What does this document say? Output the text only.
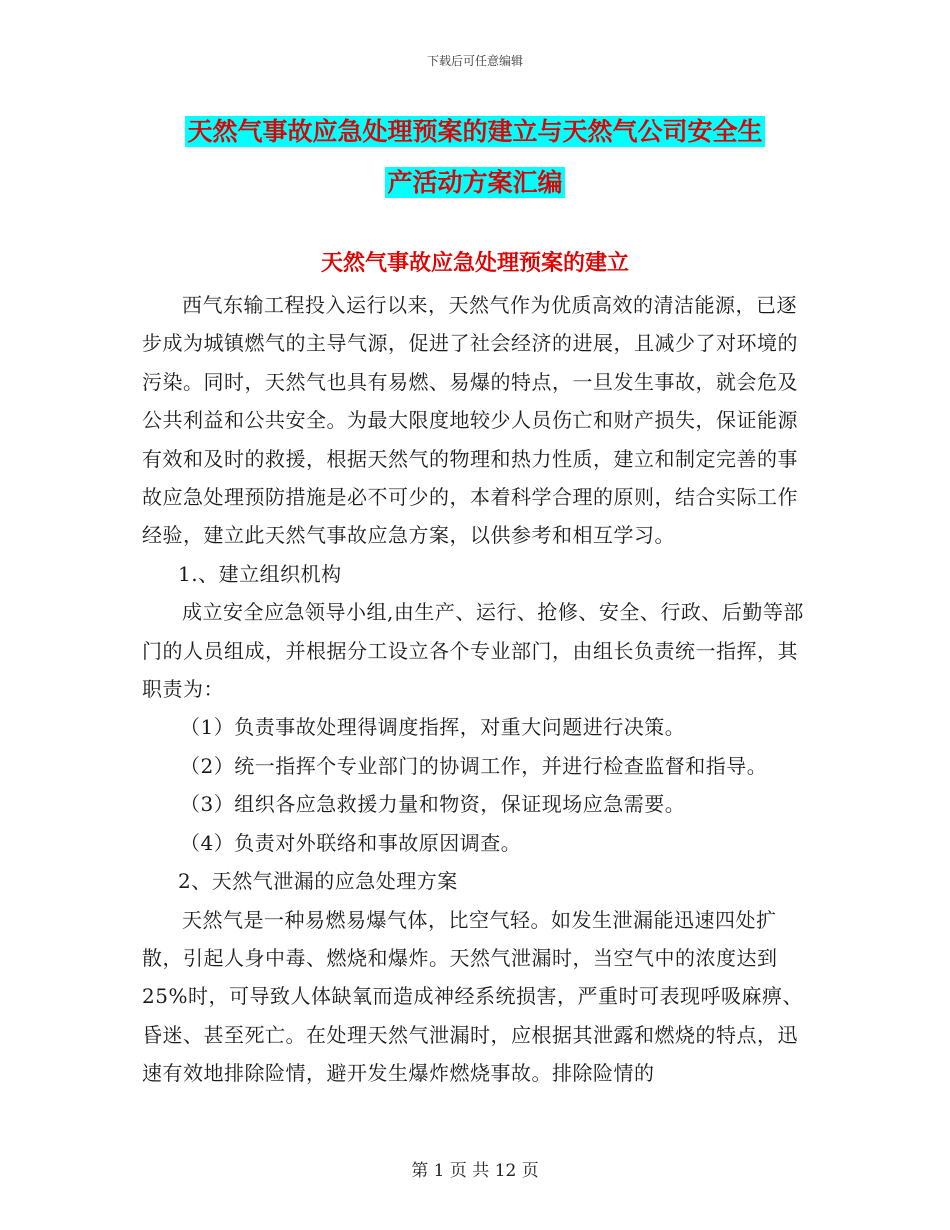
下载后可任意编辑
天然气事故应急处理预案的建立与天然气公司安全生
产活动方案汇编
天然气事故应急处理预案的建立

西气东输工程投入运行以来，天然气作为优质高效的清洁能源，已逐步成为城镇燃气的主导气源，促进了社会经济的进展，且减少了对环境的污染。同时，天然气也具有易燃、易爆的特点，一旦发生事故，就会危及公共利益和公共安全。为最大限度地较少人员伤亡和财产损失，保证能源有效和及时的救援，根据天然气的物理和热力性质，建立和制定完善的事故应急处理预防措施是必不可少的，本着科学合理的原则，结合实际工作经验，建立此天然气事故应急方案，以供参考和相互学习。

1.、建立组织机构

成立安全应急领导小组,由生产、运行、抢修、安全、行政、后勤等部门的人员组成，并根据分工设立各个专业部门，由组长负责统一指挥，其职责为：

（1）负责事故处理得调度指挥，对重大问题进行决策。

（2）统一指挥个专业部门的协调工作，并进行检查监督和指导。

（3）组织各应急救援力量和物资，保证现场应急需要。

（4）负责对外联络和事故原因调查。

2、天然气泄漏的应急处理方案

天然气是一种易燃易爆气体，比空气轻。如发生泄漏能迅速四处扩散，引起人身中毒、燃烧和爆炸。天然气泄漏时，当空气中的浓度达到25%时，可导致人体缺氧而造成神经系统损害，严重时可表现呼吸麻痹、昏迷、甚至死亡。在处理天然气泄漏时，应根据其泄露和燃烧的特点，迅速有效地排除险情，避开发生爆炸燃烧事故。排除险情的

第 1 页 共 12 页
